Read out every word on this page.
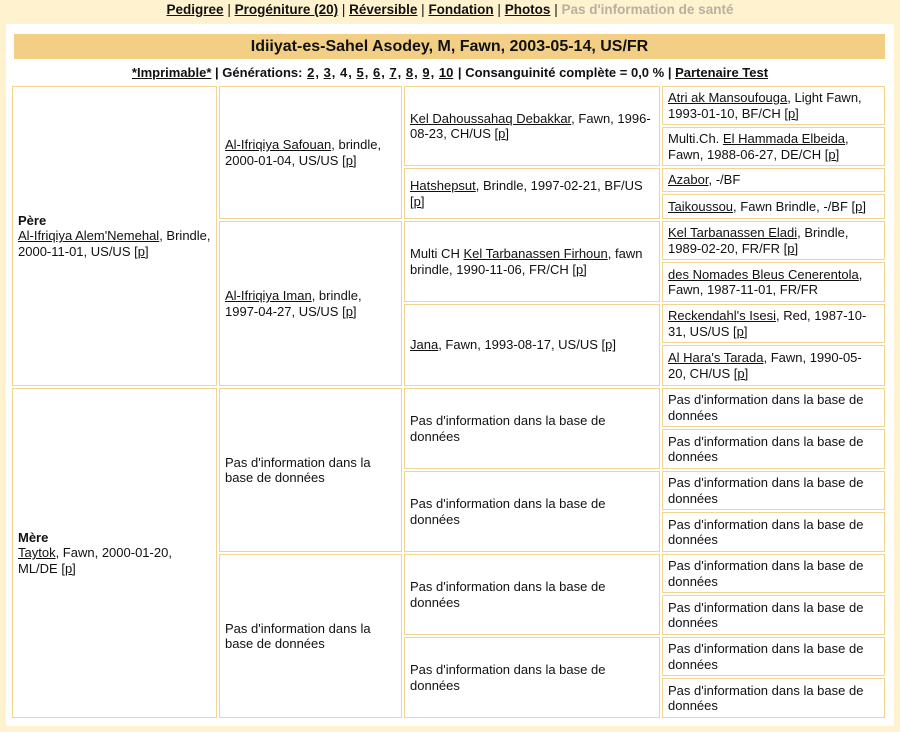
Pedigree | Progéniture (20) | Réversible | Fondation | Photos | Pas d'information de santé
Idiiyat-es-Sahel Asodey, M, Fawn, 2003-05-14, US/FR
*Imprimable* | Générations: 2, 3, 4, 5, 6, 7, 8, 9, 10 | Consanguinité complète = 0,0 % | Partenaire Test
Père
Al-Ifriqiya Alem'Nemehal, Brindle, 2000-11-01, US/US [p]
Mère
Taytok, Fawn, 2000-01-20, ML/DE [p]
Al-Ifriqiya Safouan, brindle, 2000-01-04, US/US [p]
Al-Ifriqiya Iman, brindle, 1997-04-27, US/US [p]
Pas d'information dans la base de données
Pas d'information dans la base de données
Kel Dahoussahaq Debakkar, Fawn, 1996-08-23, CH/US [p]
Hatshepsut, Brindle, 1997-02-21, BF/US [p]
Multi CH Kel Tarbanassen Firhoun, fawn brindle, 1990-11-06, FR/CH [p]
Jana, Fawn, 1993-08-17, US/US [p]
Pas d'information dans la base de données
Pas d'information dans la base de données
Pas d'information dans la base de données
Pas d'information dans la base de données
Atri ak Mansoufouga, Light Fawn, 1993-01-10, BF/CH [p]
Multi.Ch. El Hammada Elbeida, Fawn, 1988-06-27, DE/CH [p]
Azabor, -/BF
Taikoussou, Fawn Brindle, -/BF [p]
Kel Tarbanassen Eladi, Brindle, 1989-02-20, FR/FR [p]
des Nomades Bleus Cenerentola, Fawn, 1987-11-01, FR/FR
Reckendahl's Isesi, Red, 1987-10-31, US/US [p]
Al Hara's Tarada, Fawn, 1990-05-20, CH/US [p]
Pas d'information dans la base de données
Pas d'information dans la base de données
Pas d'information dans la base de données
Pas d'information dans la base de données
Pas d'information dans la base de données
Pas d'information dans la base de données
Pas d'information dans la base de données
Pas d'information dans la base de données
